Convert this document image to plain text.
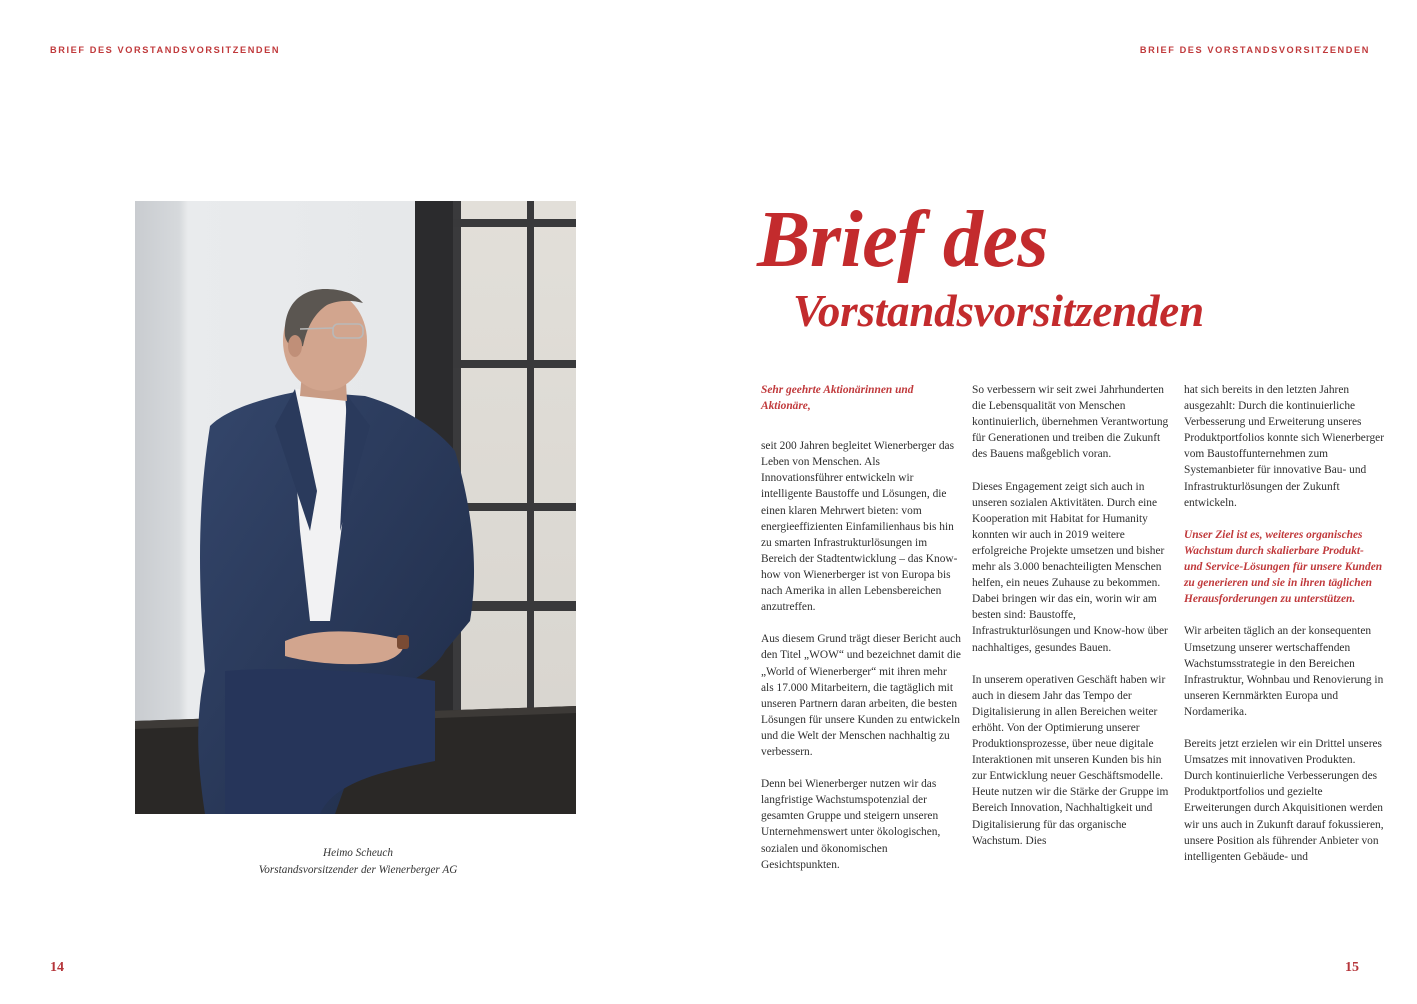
BRIEF DES VORSTANDSVORSITZENDEN	BRIEF DES VORSTANDSVORSITZENDEN
Heimo Scheuch
Vorstandsvorsitzender der Wienerberger AG
Brief des
Vorstandsvorsitzenden

Sehr geehrte Aktionärinnen und Aktionäre,

seit 200 Jahren begleitet Wienerberger das Leben von Menschen. Als Innovationsführer entwickeln wir intelligente Baustoffe und Lösungen, die einen klaren Mehrwert bieten: vom energieeffizienten Einfamilienhaus bis hin zu smarten Infrastrukturlösungen im Bereich der Stadtentwicklung – das Know-how von Wienerberger ist von Europa bis nach Amerika in allen Lebensbereichen anzutreffen.

Aus diesem Grund trägt dieser Bericht auch den Titel „WOW“ und bezeichnet damit die „World of Wienerberger“ mit ihren mehr als 17.000 Mitarbeitern, die tagtäglich mit unseren Partnern daran arbeiten, die besten Lösungen für unsere Kunden zu entwickeln und die Welt der Menschen nachhaltig zu verbessern.

Denn bei Wienerberger nutzen wir das langfristige Wachstumspotenzial der gesamten Gruppe und steigern unseren Unternehmenswert unter ökologischen, sozialen und ökonomischen Gesichtspunkten.

So verbessern wir seit zwei Jahrhunderten die Lebensqualität von Menschen kontinuierlich, übernehmen Verantwortung für Generationen und treiben die Zukunft des Bauens maßgeblich voran.

Dieses Engagement zeigt sich auch in unseren sozialen Aktivitäten. Durch eine Kooperation mit Habitat for Humanity konnten wir auch in 2019 weitere erfolgreiche Projekte umsetzen und bisher mehr als 3.000 benachteiligten Menschen helfen, ein neues Zuhause zu bekommen. Dabei bringen wir das ein, worin wir am besten sind: Baustoffe, Infrastrukturlösungen und Know-how über nachhaltiges, gesundes Bauen.

In unserem operativen Geschäft haben wir auch in diesem Jahr das Tempo der Digitalisierung in allen Bereichen weiter erhöht. Von der Optimierung unserer Produktionsprozesse, über neue digitale Interaktionen mit unseren Kunden bis hin zur Entwicklung neuer Geschäftsmodelle. Heute nutzen wir die Stärke der Gruppe im Bereich Innovation, Nachhaltigkeit und Digitalisierung für das organische Wachstum. Dies

hat sich bereits in den letzten Jahren ausgezahlt: Durch die kontinuierliche Verbesserung und Erweiterung unseres Produktportfolios konnte sich Wienerberger vom Baustoffunternehmen zum Systemanbieter für innovative Bau- und Infrastrukturlösungen der Zukunft entwickeln.

Unser Ziel ist es, weiteres organisches Wachstum durch skalierbare Produkt- und Service-Lösungen für unsere Kunden zu generieren und sie in ihren täglichen Herausforderungen zu unterstützen.

Wir arbeiten täglich an der konsequenten Umsetzung unserer wertschaffenden Wachstumsstrategie in den Bereichen Infrastruktur, Wohnbau und Renovierung in unseren Kernmärkten Europa und Nordamerika.

Bereits jetzt erzielen wir ein Drittel unseres Umsatzes mit innovativen Produkten. Durch kontinuierliche Verbesserungen des Produktportfolios und gezielte Erweiterungen durch Akquisitionen werden wir uns auch in Zukunft darauf fokussieren, unsere Position als führender Anbieter von intelligenten Gebäude- und

14	15
